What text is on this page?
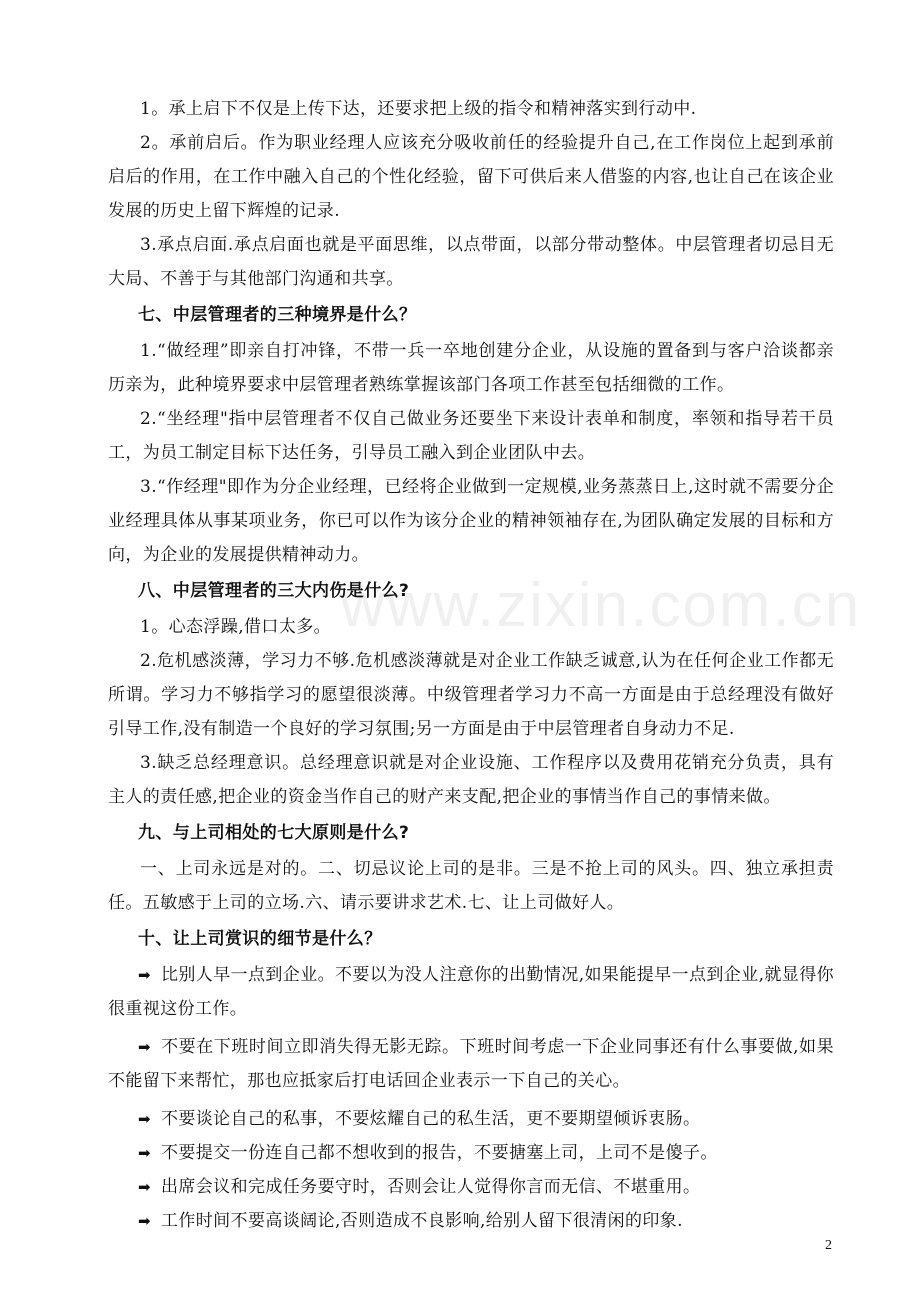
www.zixin.com.cn

1。承上启下不仅是上传下达，还要求把上级的指令和精神落实到行动中.

2。承前启后。作为职业经理人应该充分吸收前任的经验提升自己,在工作岗位上起到承前启后的作用，在工作中融入自己的个性化经验，留下可供后来人借鉴的内容,也让自己在该企业发展的历史上留下辉煌的记录.

3.承点启面.承点启面也就是平面思维，以点带面，以部分带动整体。中层管理者切忌目无大局、不善于与其他部门沟通和共享。

七、中层管理者的三种境界是什么？

1.“做经理”即亲自打冲锋，不带一兵一卒地创建分企业，从设施的置备到与客户洽谈都亲历亲为，此种境界要求中层管理者熟练掌握该部门各项工作甚至包括细微的工作。

2.“坐经理"指中层管理者不仅自己做业务还要坐下来设计表单和制度，率领和指导若干员工，为员工制定目标下达任务，引导员工融入到企业团队中去。

3.“作经理"即作为分企业经理，已经将企业做到一定规模,业务蒸蒸日上,这时就不需要分企业经理具体从事某项业务，你已可以作为该分企业的精神领袖存在,为团队确定发展的目标和方向，为企业的发展提供精神动力。

八、中层管理者的三大内伤是什么?

1。心态浮躁,借口太多。

2.危机感淡薄，学习力不够.危机感淡薄就是对企业工作缺乏诚意,认为在任何企业工作都无所谓。学习力不够指学习的愿望很淡薄。中级管理者学习力不高一方面是由于总经理没有做好引导工作,没有制造一个良好的学习氛围;另一方面是由于中层管理者自身动力不足.

3.缺乏总经理意识。总经理意识就是对企业设施、工作程序以及费用花销充分负责，具有主人的责任感,把企业的资金当作自己的财产来支配,把企业的事情当作自己的事情来做。

九、与上司相处的七大原则是什么?

一、上司永远是对的。二、切忌议论上司的是非。三是不抢上司的风头。四、独立承担责任。五敏感于上司的立场.六、请示要讲求艺术.七、让上司做好人。

十、让上司赏识的细节是什么？

➡ 比别人早一点到企业。不要以为没人注意你的出勤情况,如果能提早一点到企业,就显得你很重视这份工作。

➡ 不要在下班时间立即消失得无影无踪。下班时间考虑一下企业同事还有什么事要做,如果不能留下来帮忙，那也应抵家后打电话回企业表示一下自己的关心。

➡ 不要谈论自己的私事，不要炫耀自己的私生活，更不要期望倾诉衷肠。

➡ 不要提交一份连自己都不想收到的报告，不要搪塞上司，上司不是傻子。

➡ 出席会议和完成任务要守时，否则会让人觉得你言而无信、不堪重用。

➡ 工作时间不要高谈阔论,否则造成不良影响,给别人留下很清闲的印象.

2
